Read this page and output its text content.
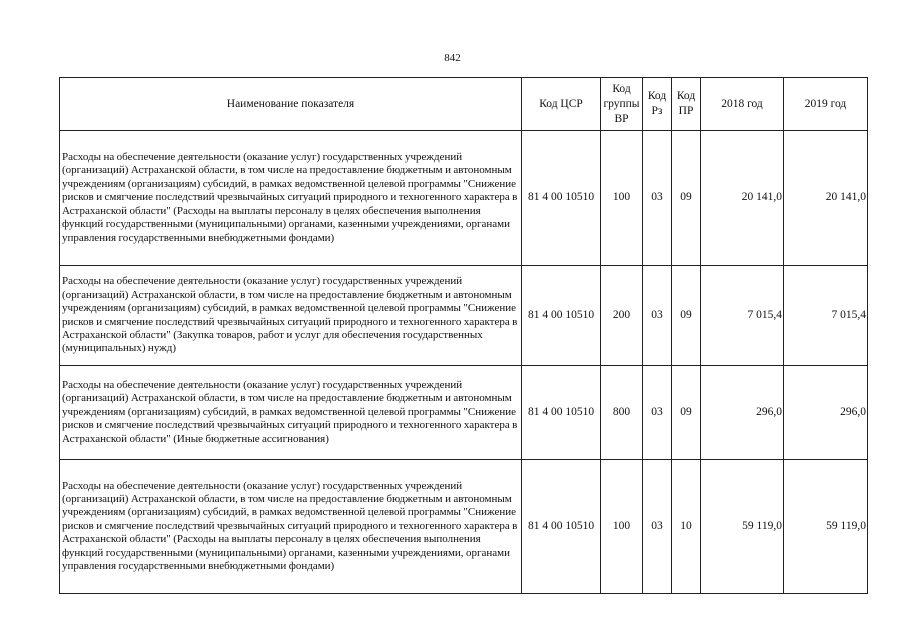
842
Наименование показателя	Код ЦСР	Код группы ВР	Код Рз	Код ПР	2018 год	2019 год
Расходы на обеспечение деятельности (оказание услуг) государственных учреждений (организаций) Астраханской области, в том числе на предоставление бюджетным и автономным учреждениям (организациям) субсидий, в рамках ведомственной целевой программы "Снижение рисков и смягчение последствий чрезвычайных ситуаций природного и техногенного характера в Астраханской области" (Расходы на выплаты персоналу в целях обеспечения выполнения функций государственными (муниципальными) органами, казенными учреждениями, органами управления государственными внебюджетными фондами)	81 4 00 10510	100	03	09	20 141,0	20 141,0
Расходы на обеспечение деятельности (оказание услуг) государственных учреждений (организаций) Астраханской области, в том числе на предоставление бюджетным и автономным учреждениям (организациям) субсидий, в рамках ведомственной целевой программы "Снижение рисков и смягчение последствий чрезвычайных ситуаций природного и техногенного характера в Астраханской области" (Закупка товаров, работ и услуг для обеспечения государственных (муниципальных) нужд)	81 4 00 10510	200	03	09	7 015,4	7 015,4
Расходы на обеспечение деятельности (оказание услуг) государственных учреждений (организаций) Астраханской области, в том числе на предоставление бюджетным и автономным учреждениям (организациям) субсидий, в рамках ведомственной целевой программы "Снижение рисков и смягчение последствий чрезвычайных ситуаций природного и техногенного характера в Астраханской области" (Иные бюджетные ассигнования)	81 4 00 10510	800	03	09	296,0	296,0
Расходы на обеспечение деятельности (оказание услуг) государственных учреждений (организаций) Астраханской области, в том числе на предоставление бюджетным и автономным учреждениям (организациям) субсидий, в рамках ведомственной целевой программы "Снижение рисков и смягчение последствий чрезвычайных ситуаций природного и техногенного характера в Астраханской области" (Расходы на выплаты персоналу в целях обеспечения выполнения функций государственными (муниципальными) органами, казенными учреждениями, органами управления государственными внебюджетными фондами)	81 4 00 10510	100	03	10	59 119,0	59 119,0
